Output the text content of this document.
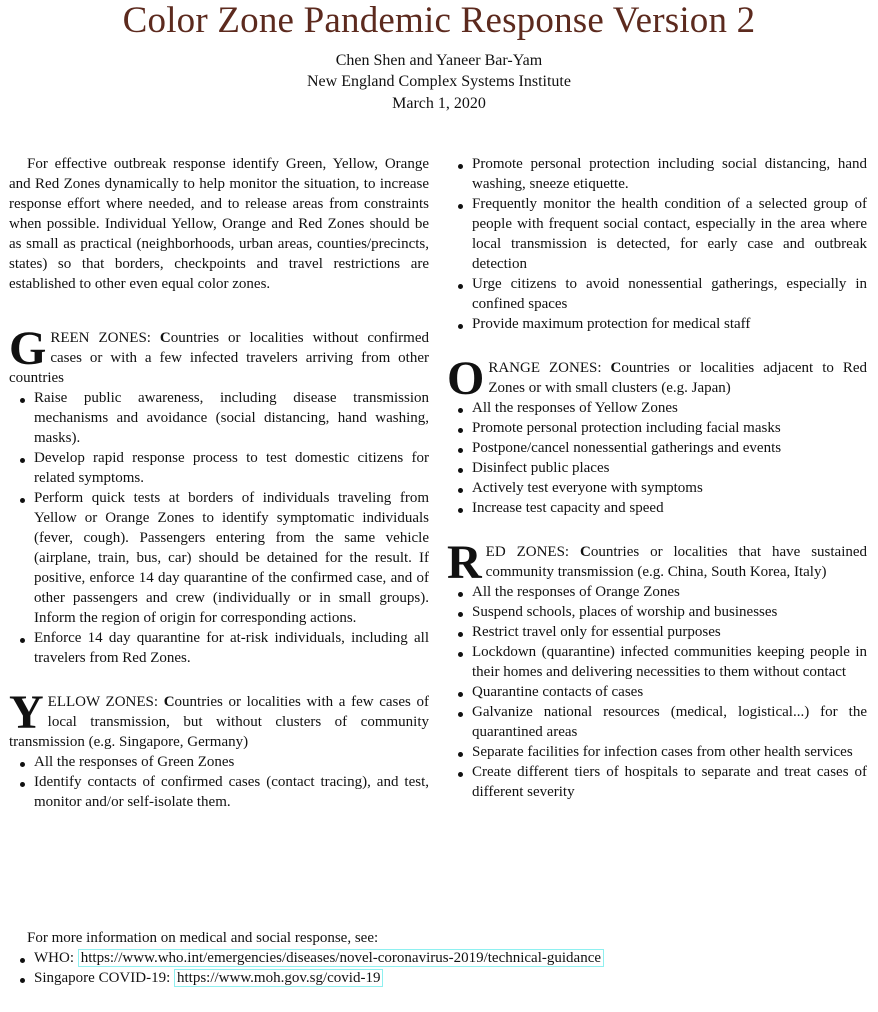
Color Zone Pandemic Response Version 2
Chen Shen and Yaneer Bar-Yam
New England Complex Systems Institute
March 1, 2020

For effective outbreak response identify Green, Yellow, Orange and Red Zones dynamically to help monitor the situation, to increase response effort where needed, and to release areas from constraints when possible. Individual Yellow, Orange and Red Zones should be as small as practical (neighborhoods, urban areas, counties/precincts, states) so that borders, checkpoints and travel restrictions are established to other even equal color zones.

GREEN ZONES: Countries or localities without confirmed cases or with a few infected travelers arriving from other countries

Raise public awareness, including disease transmission mechanisms and avoidance (social distancing, hand washing, masks).
Develop rapid response process to test domestic citizens for related symptoms.
Perform quick tests at borders of individuals traveling from Yellow or Orange Zones to identify symptomatic individuals (fever, cough). Passengers entering from the same vehicle (airplane, train, bus, car) should be detained for the result. If positive, enforce 14 day quarantine of the confirmed case, and of other passengers and crew (individually or in small groups). Inform the region of origin for corresponding actions.
Enforce 14 day quarantine for at-risk individuals, including all travelers from Red Zones.

YELLOW ZONES: Countries or localities with a few cases of local transmission, but without clusters of community transmission (e.g. Singapore, Germany)

All the responses of Green Zones
Identify contacts of confirmed cases (contact tracing), and test, monitor and/or self-isolate them.
Promote personal protection including social distancing, hand washing, sneeze etiquette.
Frequently monitor the health condition of a selected group of people with frequent social contact, especially in the area where local transmission is detected, for early case and outbreak detection
Urge citizens to avoid nonessential gatherings, especially in confined spaces
Provide maximum protection for medical staff

ORANGE ZONES: Countries or localities adjacent to Red Zones or with small clusters (e.g. Japan)

All the responses of Yellow Zones
Promote personal protection including facial masks
Postpone/cancel nonessential gatherings and events
Disinfect public places
Actively test everyone with symptoms
Increase test capacity and speed

RED ZONES: Countries or localities that have sustained community transmission (e.g. China, South Korea, Italy)

All the responses of Orange Zones
Suspend schools, places of worship and businesses
Restrict travel only for essential purposes
Lockdown (quarantine) infected communities keeping people in their homes and delivering necessities to them without contact
Quarantine contacts of cases
Galvanize national resources (medical, logistical...) for the quarantined areas
Separate facilities for infection cases from other health services
Create different tiers of hospitals to separate and treat cases of different severity

For more information on medical and social response, see:

WHO: https://www.who.int/emergencies/diseases/novel-coronavirus-2019/technical-guidance
Singapore COVID-19: https://www.moh.gov.sg/covid-19
